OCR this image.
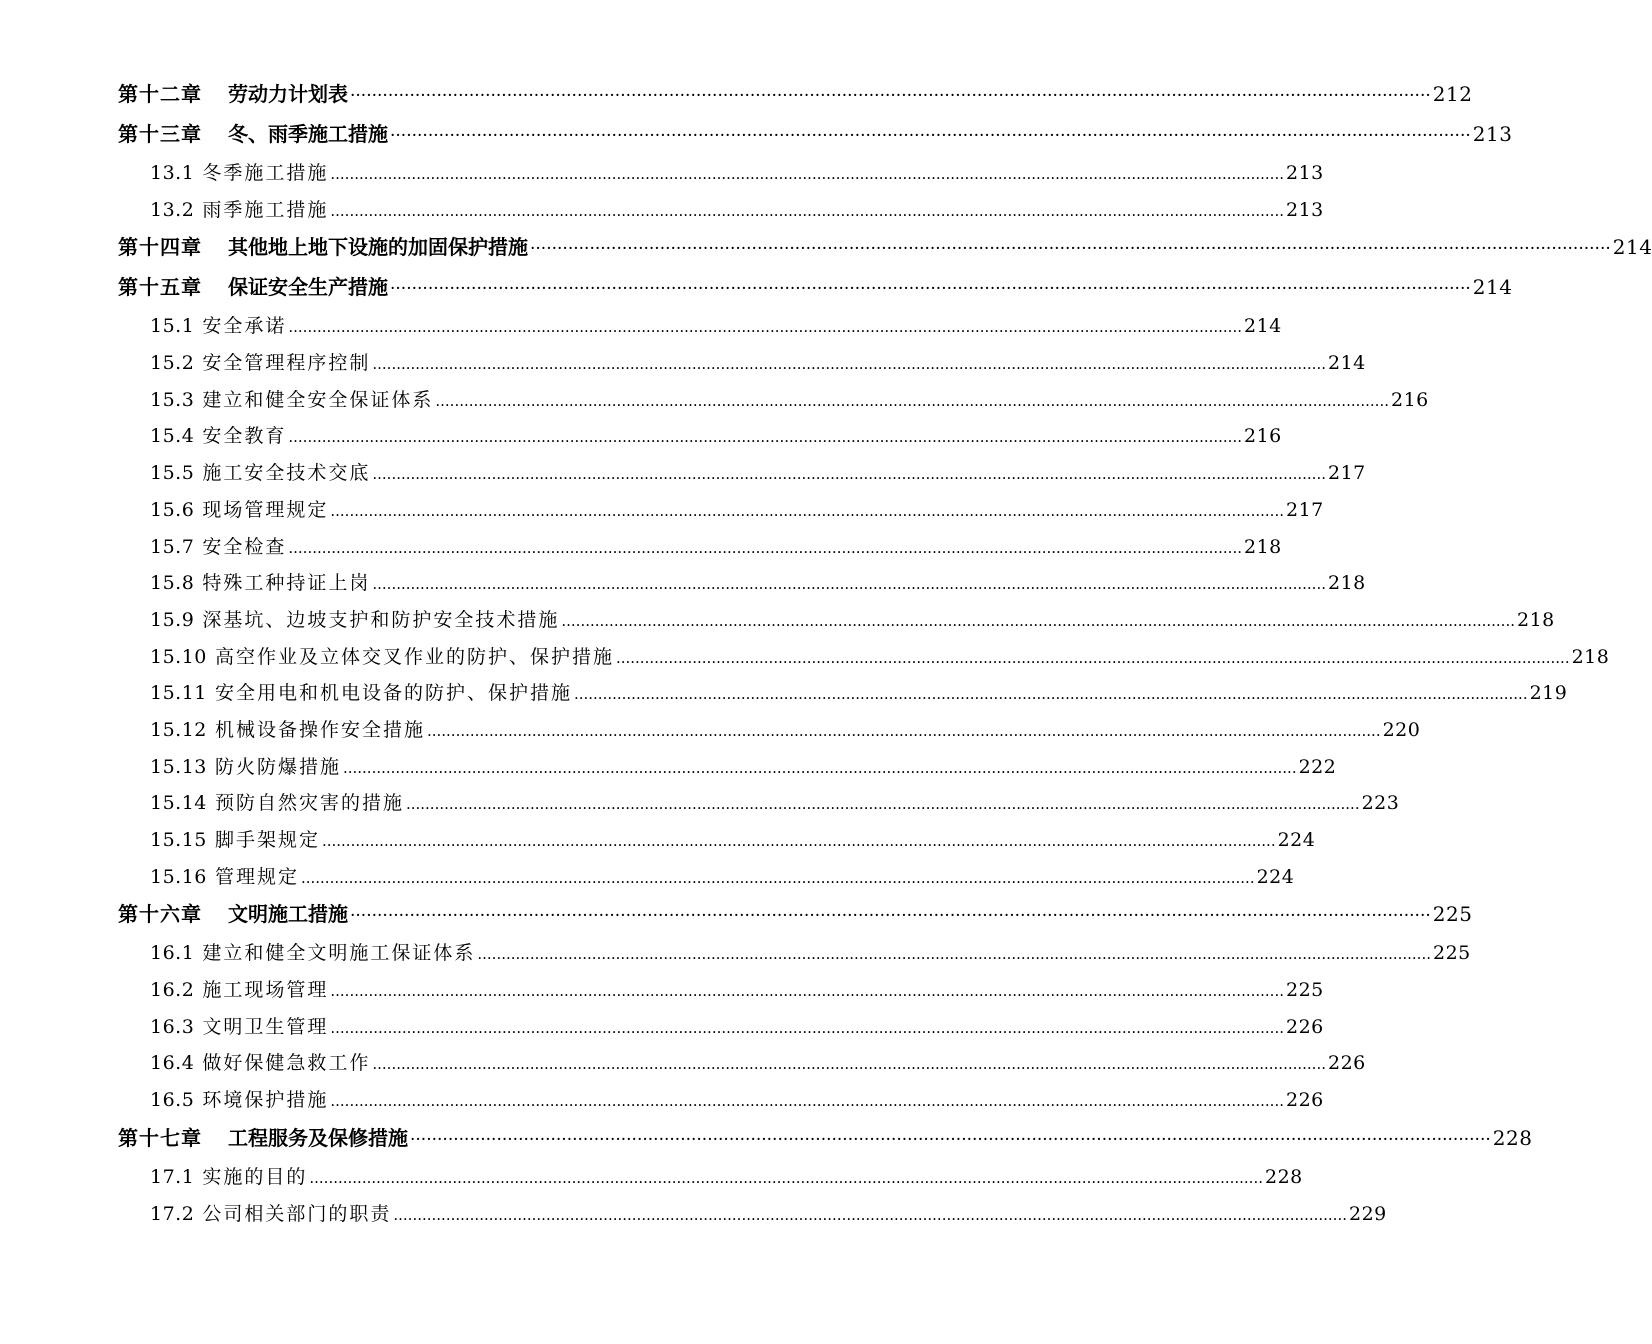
第十二章 劳动力计划表 ········································································································································································································ 212
第十三章 冬、雨季施工措施 ········································································································································································································ 213
13.1 冬季施工措施 ........................................................................................................................................................................................................ 213
13.2 雨季施工措施 ........................................................................................................................................................................................................ 213
第十四章 其他地上地下设施的加固保护措施 ········································································································································································································ 214
第十五章 保证安全生产措施 ········································································································································································································ 214
15.1 安全承诺 ........................................................................................................................................................................................................ 214
15.2 安全管理程序控制 ........................................................................................................................................................................................................ 214
15.3 建立和健全安全保证体系 ........................................................................................................................................................................................................ 216
15.4 安全教育 ........................................................................................................................................................................................................ 216
15.5 施工安全技术交底 ........................................................................................................................................................................................................ 217
15.6 现场管理规定 ........................................................................................................................................................................................................ 217
15.7 安全检查 ........................................................................................................................................................................................................ 218
15.8 特殊工种持证上岗 ........................................................................................................................................................................................................ 218
15.9 深基坑、边坡支护和防护安全技术措施 ........................................................................................................................................................................................................ 218
15.10 高空作业及立体交叉作业的防护、保护措施 ........................................................................................................................................................................................................ 218
15.11 安全用电和机电设备的防护、保护措施 ........................................................................................................................................................................................................ 219
15.12 机械设备操作安全措施 ........................................................................................................................................................................................................ 220
15.13 防火防爆措施 ........................................................................................................................................................................................................ 222
15.14 预防自然灾害的措施 ........................................................................................................................................................................................................ 223
15.15 脚手架规定 ........................................................................................................................................................................................................ 224
15.16 管理规定 ........................................................................................................................................................................................................ 224
第十六章 文明施工措施 ········································································································································································································ 225
16.1 建立和健全文明施工保证体系 ........................................................................................................................................................................................................ 225
16.2 施工现场管理 ........................................................................................................................................................................................................ 225
16.3 文明卫生管理 ........................................................................................................................................................................................................ 226
16.4 做好保健急救工作 ........................................................................................................................................................................................................ 226
16.5 环境保护措施 ........................................................................................................................................................................................................ 226
第十七章 工程服务及保修措施 ········································································································································································································ 228
17.1 实施的目的 ........................................................................................................................................................................................................ 228
17.2 公司相关部门的职责 ........................................................................................................................................................................................................ 229
